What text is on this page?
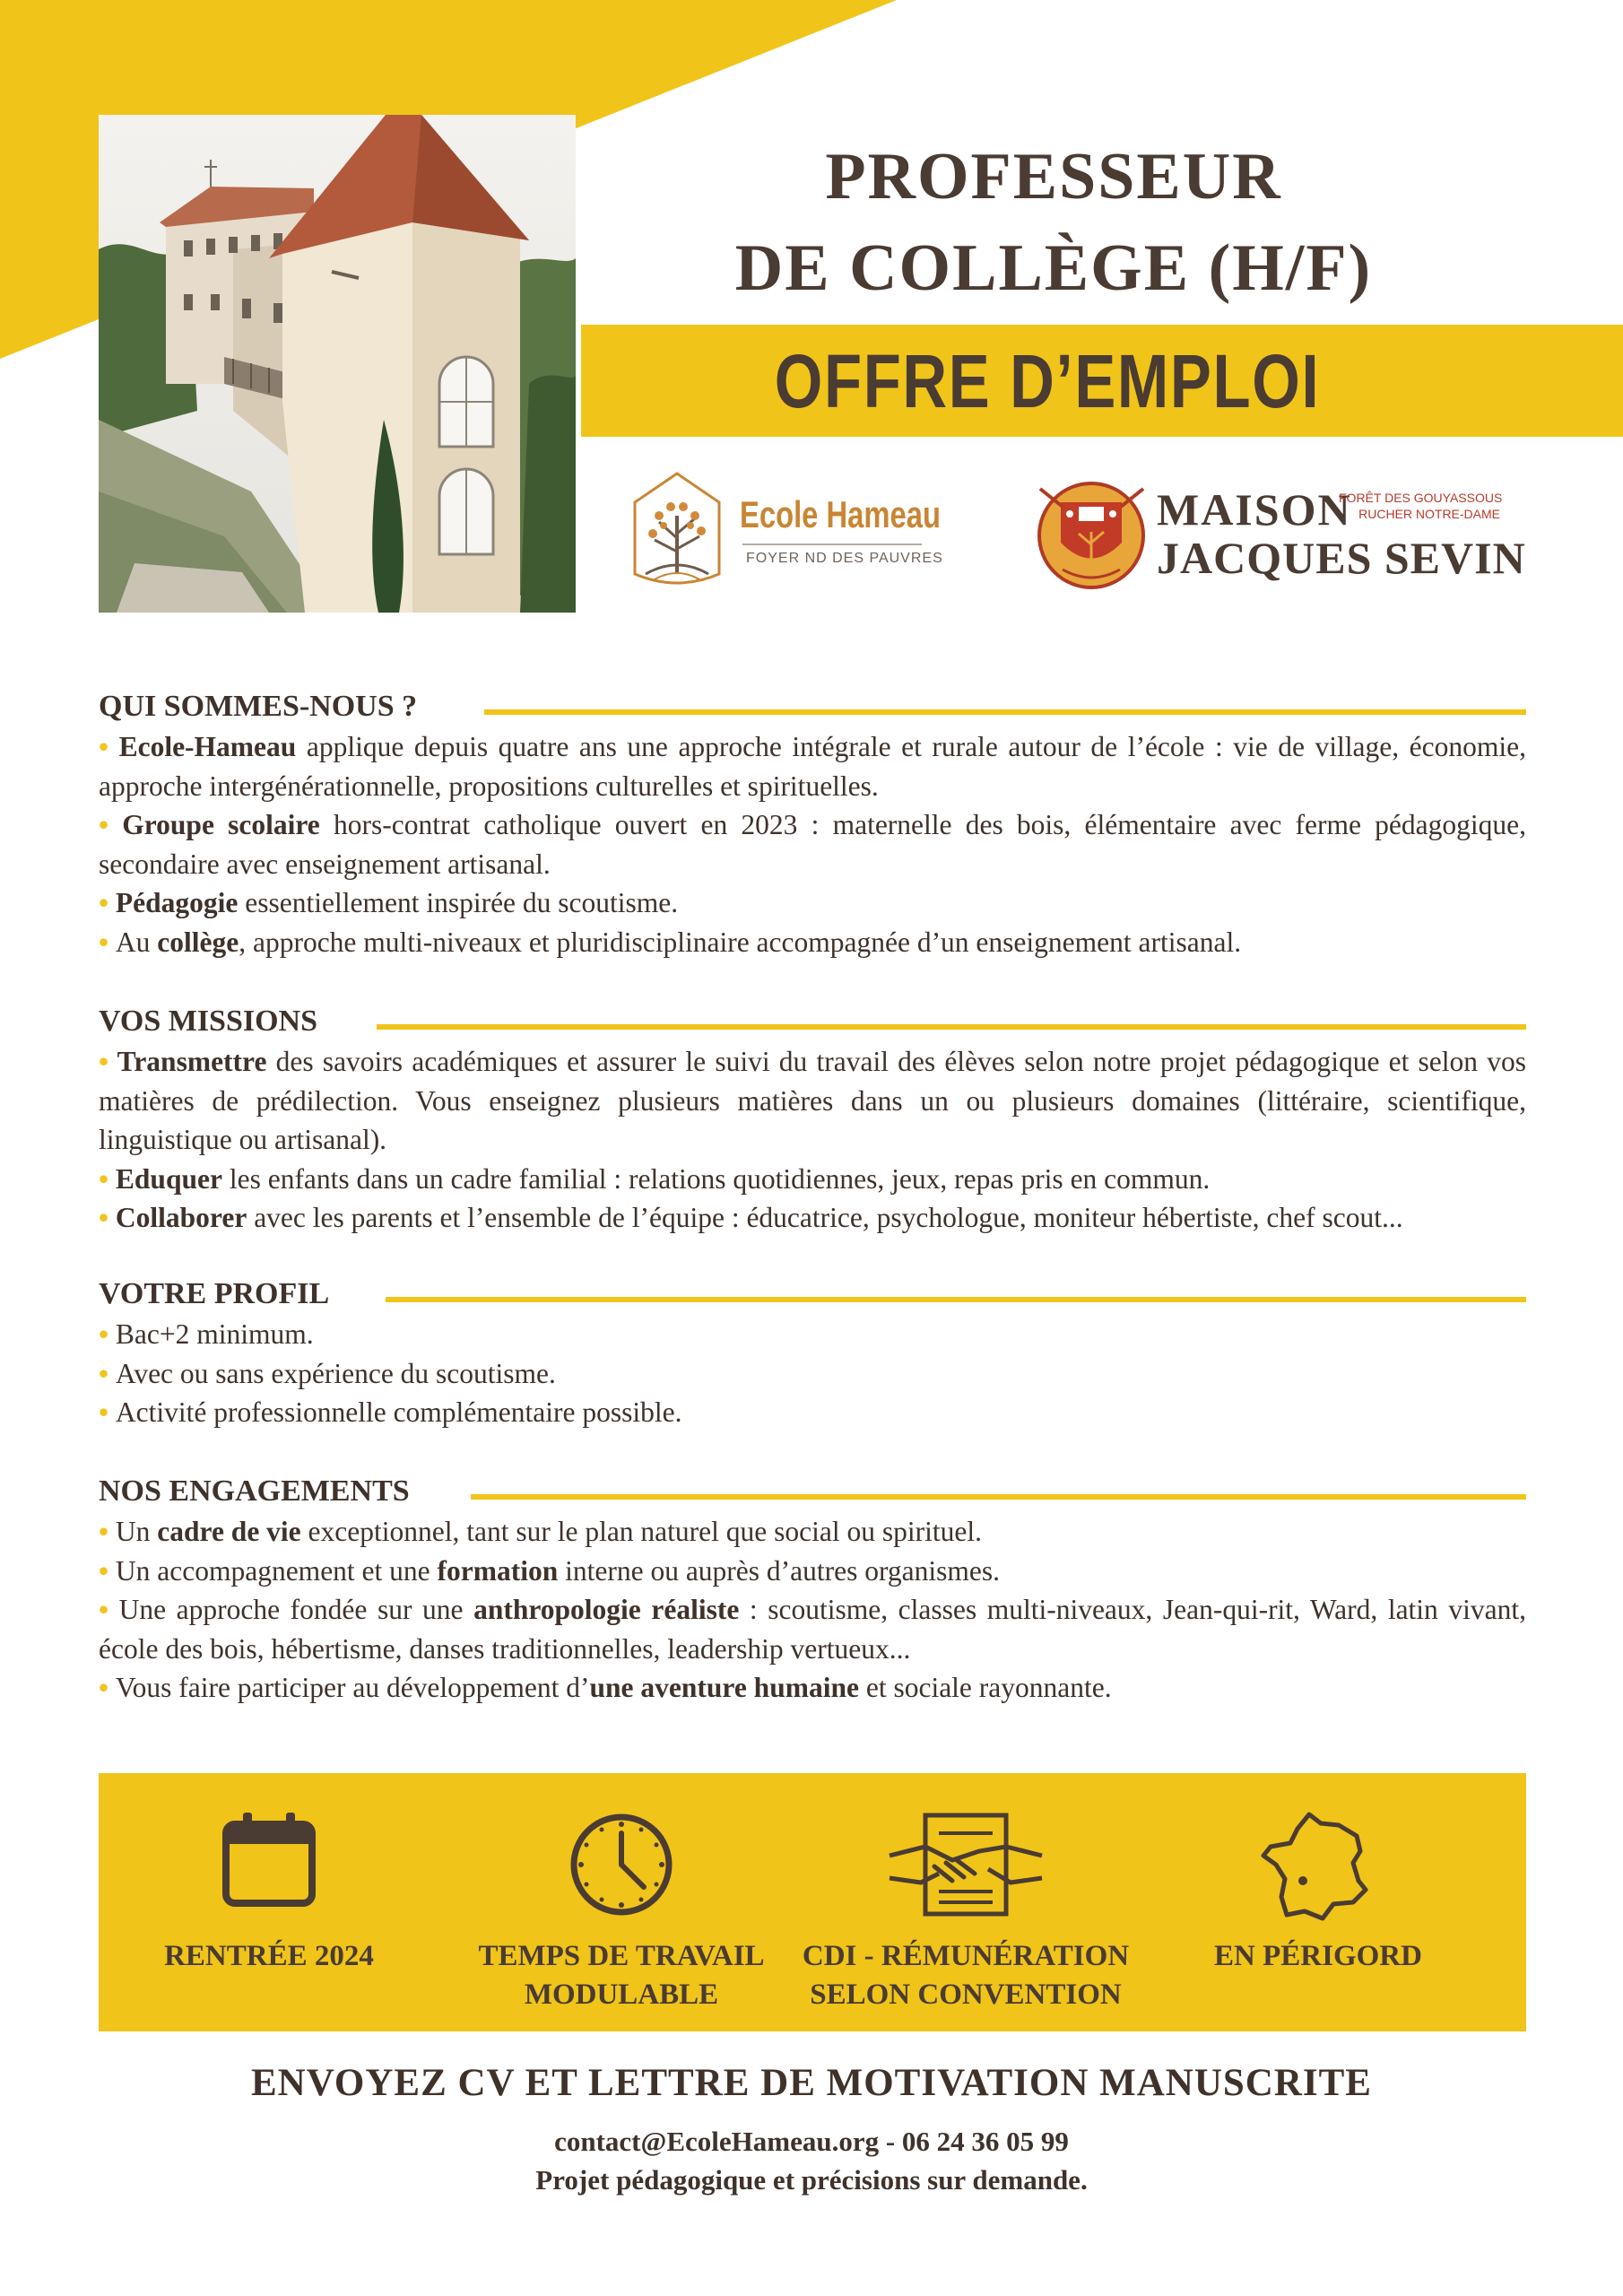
PROFESSEUR
DE COLLÈGE (H/F)
OFFRE D’EMPLOI
Ecole Hameau
FOYER ND DES PAUVRES
MAISON
JACQUES SEVIN
FORÊT DES GOUYASSOUS
RUCHER NOTRE-DAME
QUI SOMMES-NOUS ?
• Ecole-Hameau applique depuis quatre ans une approche intégrale et rurale autour de l’école : vie de village, économie, approche intergénérationnelle, propositions culturelles et spirituelles.
• Groupe scolaire hors-contrat catholique ouvert en 2023 : maternelle des bois, élémentaire avec ferme pédagogique, secondaire avec enseignement artisanal.
• Pédagogie essentiellement inspirée du scoutisme.
• Au collège, approche multi-niveaux et pluridisciplinaire accompagnée d’un enseignement artisanal.
VOS MISSIONS
• Transmettre des savoirs académiques et assurer le suivi du travail des élèves selon notre projet pédagogique et selon vos matières de prédilection. Vous enseignez plusieurs matières dans un ou plusieurs domaines (littéraire, scientifique, linguistique ou artisanal).
• Eduquer les enfants dans un cadre familial : relations quotidiennes, jeux, repas pris en commun.
• Collaborer avec les parents et l’ensemble de l’équipe : éducatrice, psychologue, moniteur hébertiste, chef scout...
VOTRE PROFIL
• Bac+2 minimum.
• Avec ou sans expérience du scoutisme.
• Activité professionnelle complémentaire possible.
NOS ENGAGEMENTS
• Un cadre de vie exceptionnel, tant sur le plan naturel que social ou spirituel.
• Un accompagnement et une formation interne ou auprès d’autres organismes.
• Une approche fondée sur une anthropologie réaliste : scoutisme, classes multi-niveaux, Jean-qui-rit, Ward, latin vivant, école des bois, hébertisme, danses traditionnelles, leadership vertueux...
• Vous faire participer au développement d’une aventure humaine et sociale rayonnante.
RENTRÉE 2024	TEMPS DE TRAVAIL
MODULABLE
CDI - RÉMUNÉRATION
SELON CONVENTION
EN PÉRIGORD
ENVOYEZ CV ET LETTRE DE MOTIVATION MANUSCRITE
contact@EcoleHameau.org - 06 24 36 05 99
Projet pédagogique et précisions sur demande.
